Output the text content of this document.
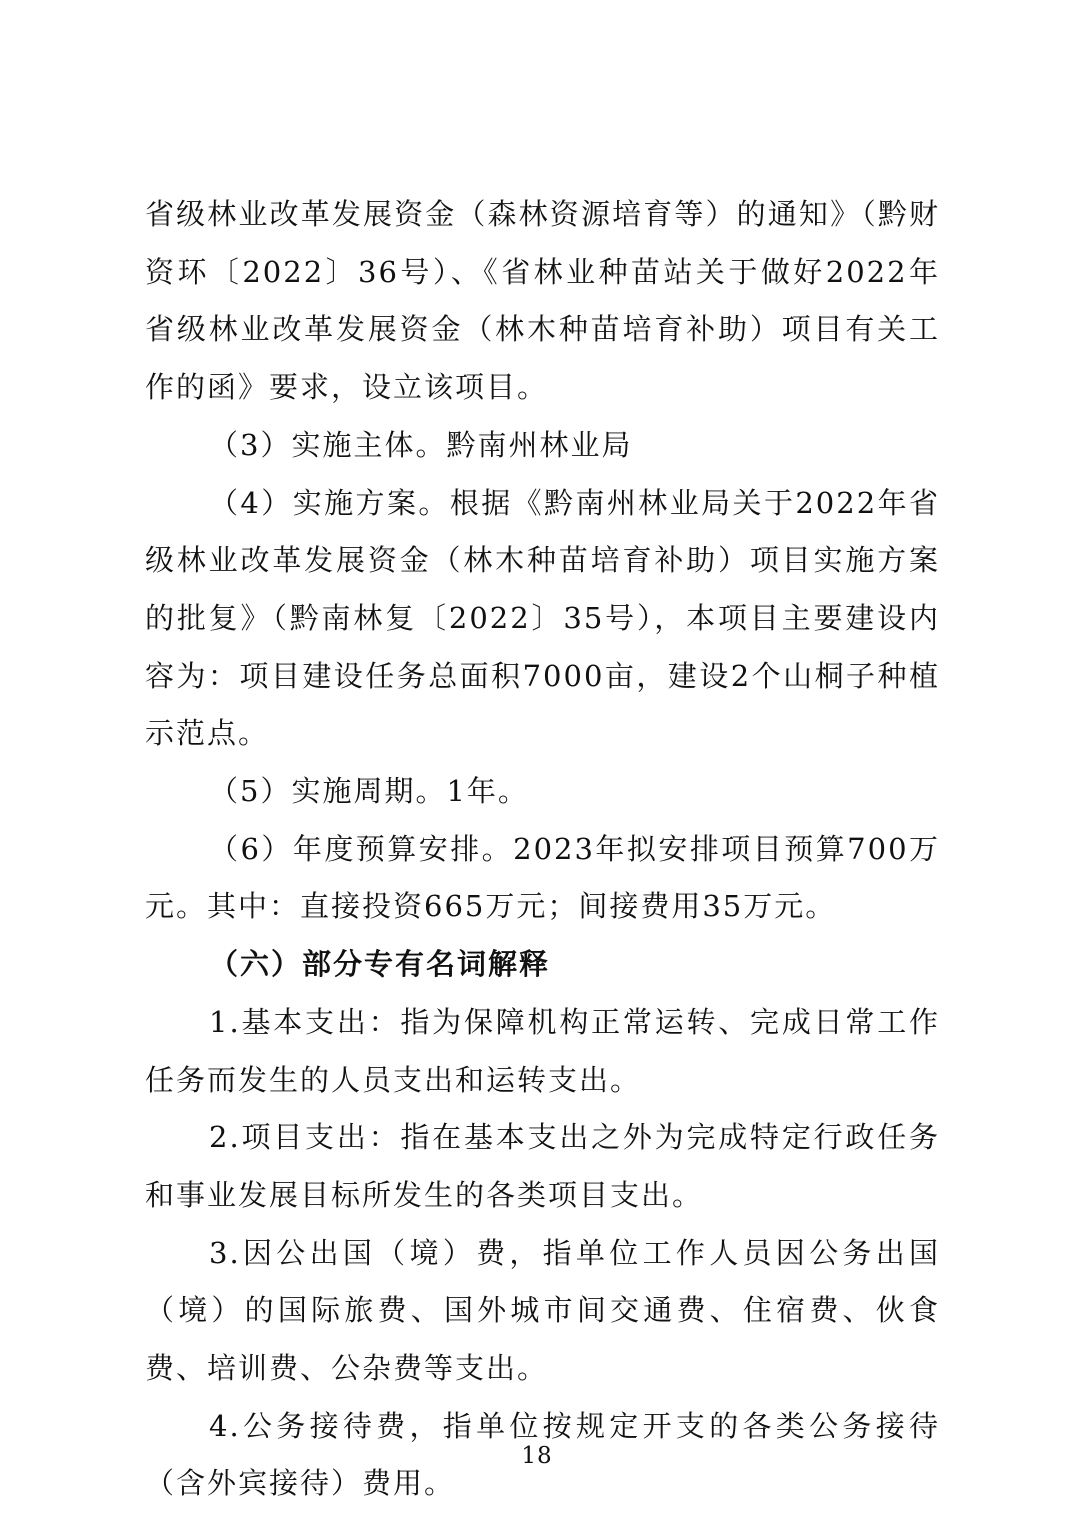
省级林业改革发展资金（森林资源培育等）的通知》（黔财资环〔2022〕36号）、《省林业种苗站关于做好2022年省级林业改革发展资金（林木种苗培育补助）项目有关工作的函》要求，设立该项目。

（3）实施主体。黔南州林业局

（4）实施方案。根据《黔南州林业局关于2022年省级林业改革发展资金（林木种苗培育补助）项目实施方案的批复》（黔南林复〔2022〕35号），本项目主要建设内容为：项目建设任务总面积7000亩，建设2个山桐子种植示范点。

（5）实施周期。1年。

（6）年度预算安排。2023年拟安排项目预算700万元。其中：直接投资665万元；间接费用35万元。

（六）部分专有名词解释

1.基本支出：指为保障机构正常运转、完成日常工作任务而发生的人员支出和运转支出。

2.项目支出：指在基本支出之外为完成特定行政任务和事业发展目标所发生的各类项目支出。

3.因公出国（境）费，指单位工作人员因公务出国（境）的国际旅费、国外城市间交通费、住宿费、伙食费、培训费、公杂费等支出。

4.公务接待费，指单位按规定开支的各类公务接待（含外宾接待）费用。

18
